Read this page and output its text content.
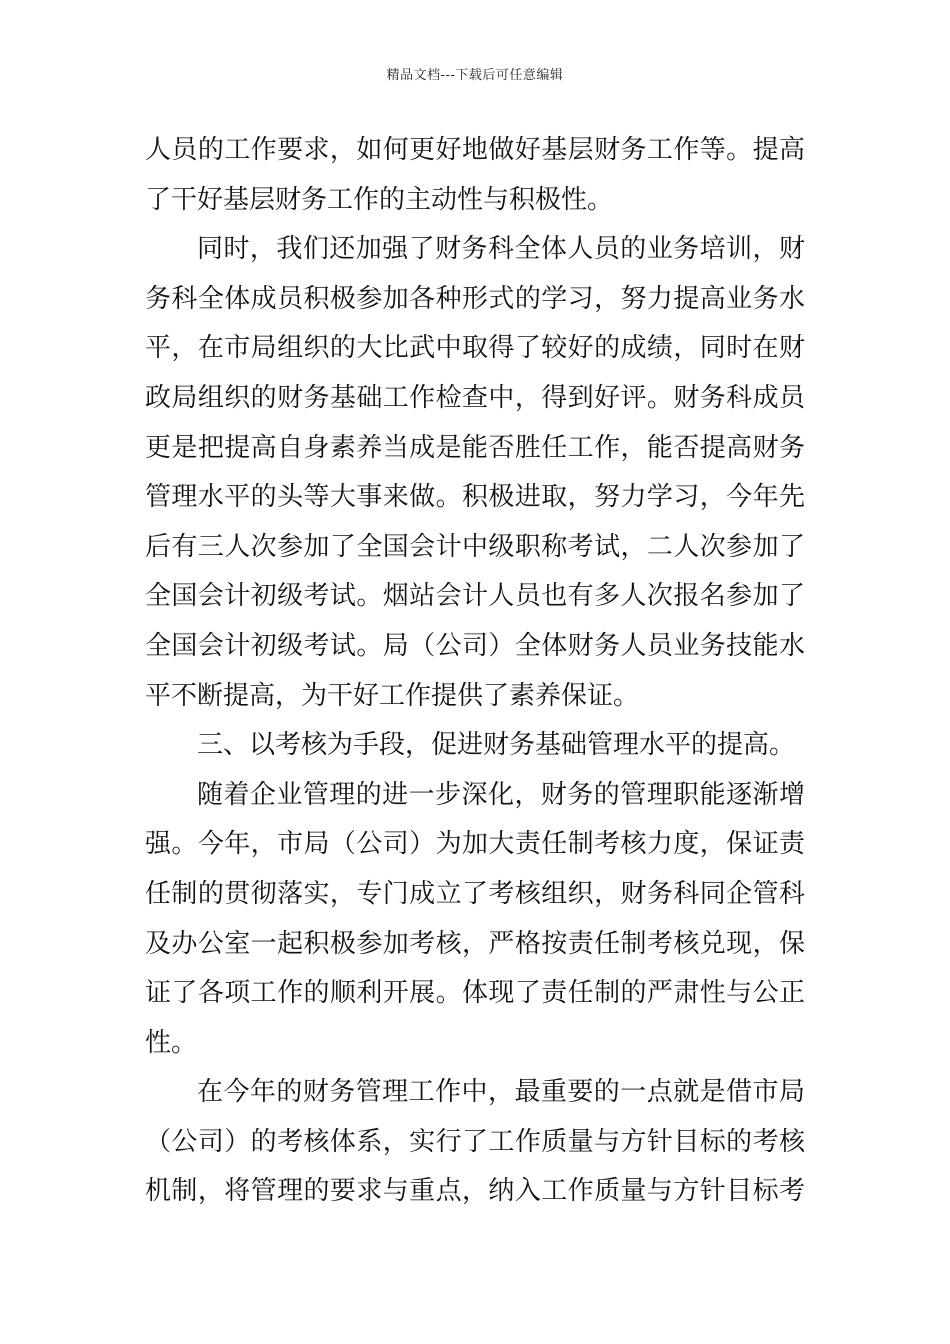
精品文档---下载后可任意编辑
人员的工作要求，如何更好地做好基层财务工作等。提高
了干好基层财务工作的主动性与积极性。
同时，我们还加强了财务科全体人员的业务培训，财
务科全体成员积极参加各种形式的学习，努力提高业务水
平，在市局组织的大比武中取得了较好的成绩，同时在财
政局组织的财务基础工作检查中，得到好评。财务科成员
更是把提高自身素养当成是能否胜任工作，能否提高财务
管理水平的头等大事来做。积极进取，努力学习，今年先
后有三人次参加了全国会计中级职称考试，二人次参加了
全国会计初级考试。烟站会计人员也有多人次报名参加了
全国会计初级考试。局（公司）全体财务人员业务技能水
平不断提高，为干好工作提供了素养保证。
三、以考核为手段，促进财务基础管理水平的提高。
随着企业管理的进一步深化，财务的管理职能逐渐增
强。今年，市局（公司）为加大责任制考核力度，保证责
任制的贯彻落实，专门成立了考核组织，财务科同企管科
及办公室一起积极参加考核，严格按责任制考核兑现，保
证了各项工作的顺利开展。体现了责任制的严肃性与公正
性。
在今年的财务管理工作中，最重要的一点就是借市局
（公司）的考核体系，实行了工作质量与方针目标的考核
机制，将管理的要求与重点，纳入工作质量与方针目标考
